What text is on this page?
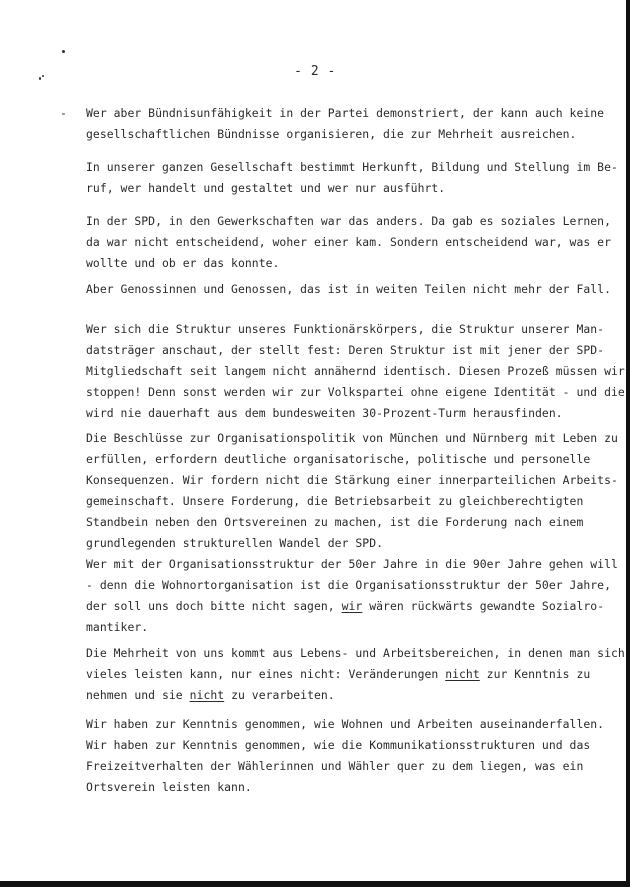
- 2 -
- Wer aber Bündnisunfähigkeit in der Partei demonstriert, der kann auch keine
gesellschaftlichen Bündnisse organisieren, die zur Mehrheit ausreichen.
In unserer ganzen Gesellschaft bestimmt Herkunft, Bildung und Stellung im Be-
ruf, wer handelt und gestaltet und wer nur ausführt.
In der SPD, in den Gewerkschaften war das anders. Da gab es soziales Lernen,
da war nicht entscheidend, woher einer kam. Sondern entscheidend war, was er
wollte und ob er das konnte.
Aber Genossinnen und Genossen, das ist in weiten Teilen nicht mehr der Fall.
Wer sich die Struktur unseres Funktionärskörpers, die Struktur unserer Man-
datsträger anschaut, der stellt fest: Deren Struktur ist mit jener der SPD-
Mitgliedschaft seit langem nicht annähernd identisch. Diesen Prozeß müssen wir
stoppen! Denn sonst werden wir zur Volkspartei ohne eigene Identität - und die
wird nie dauerhaft aus dem bundesweiten 30-Prozent-Turm herausfinden.
Die Beschlüsse zur Organisationspolitik von München und Nürnberg mit Leben zu
erfüllen, erfordern deutliche organisatorische, politische und personelle
Konsequenzen. Wir fordern nicht die Stärkung einer innerparteilichen Arbeits-
gemeinschaft. Unsere Forderung, die Betriebsarbeit zu gleichberechtigten
Standbein neben den Ortsvereinen zu machen, ist die Forderung nach einem
grundlegenden strukturellen Wandel der SPD.
Wer mit der Organisationsstruktur der 50er Jahre in die 90er Jahre gehen will
- denn die Wohnortorganisation ist die Organisationsstruktur der 50er Jahre,
der soll uns doch bitte nicht sagen, wir wären rückwärts gewandte Sozialro-
mantiker.
Die Mehrheit von uns kommt aus Lebens- und Arbeitsbereichen, in denen man sich
vieles leisten kann, nur eines nicht: Veränderungen nicht zur Kenntnis zu
nehmen und sie nicht zu verarbeiten.
Wir haben zur Kenntnis genommen, wie Wohnen und Arbeiten auseinanderfallen.
Wir haben zur Kenntnis genommen, wie die Kommunikationsstrukturen und das
Freizeitverhalten der Wählerinnen und Wähler quer zu dem liegen, was ein
Ortsverein leisten kann.
